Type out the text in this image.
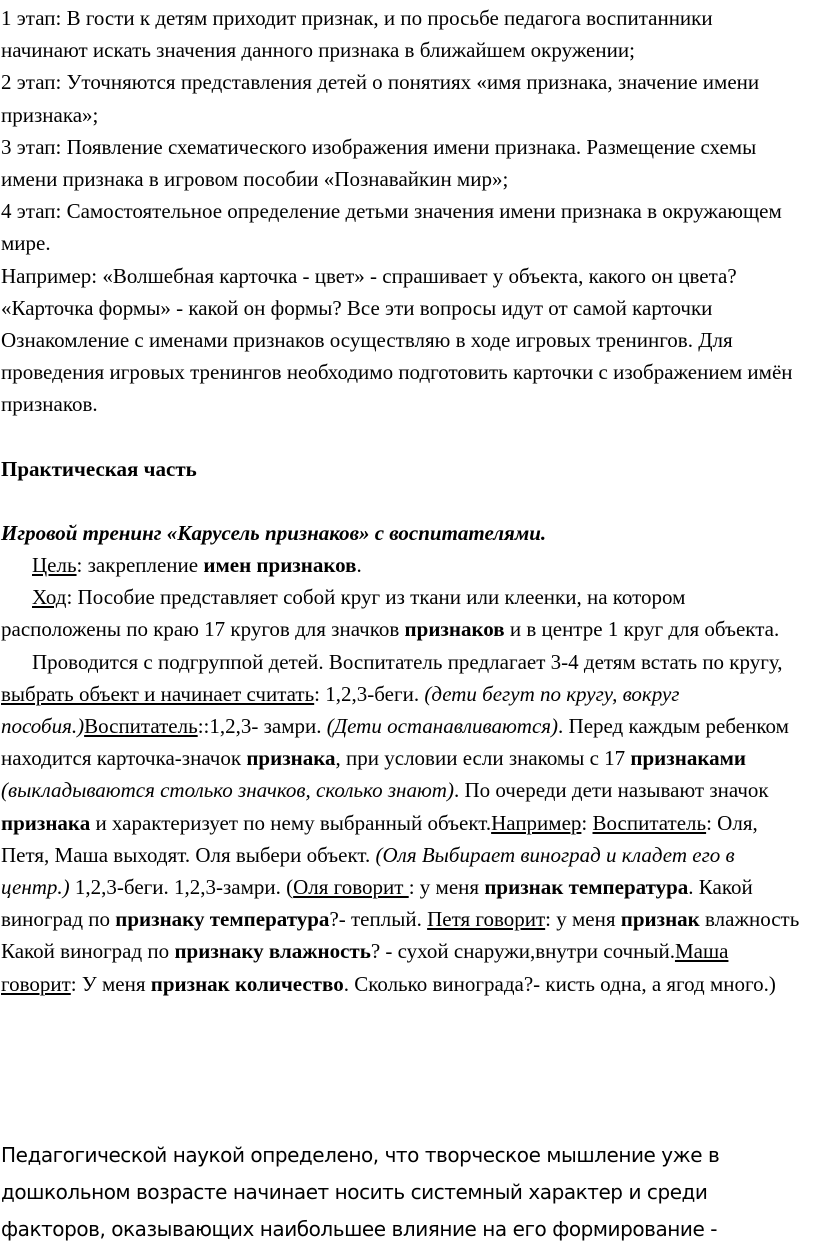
1 этап: В гости к детям приходит признак, и по просьбе педагога воспитанники начинают искать значения данного признака в ближайшем окружении;

2 этап: Уточняются представления детей о понятиях «имя признака, значение имени признака»;

3 этап: Появление схематического изображения имени признака. Размещение схемы имени признака в игровом пособии «Познавайкин мир»;

4 этап: Самостоятельное определение детьми значения имени признака в окружающем мире.

Например: «Волшебная карточка - цвет» - спрашивает у объекта, какого он цвета? «Карточка формы» - какой он формы? Все эти вопросы идут от самой карточки

Ознакомление с именами признаков осуществляю в ходе игровых тренингов. Для проведения игровых тренингов необходимо подготовить карточки с изображением имён признаков.

Практическая часть

Игровой тренинг «Карусель признаков» с воспитателями.

Цель: закрепление имен признаков.

Ход: Пособие представляет собой круг из ткани или клеенки, на котором расположены по краю 17 кругов для значков признаков и в центре 1 круг для объекта.

Проводится с подгруппой детей. Воспитатель предлагает 3-4 детям встать по кругу, выбрать объект и начинает считать: 1,2,3-беги. (дети бегут по кругу, вокруг пособия.)Воспитатель::1,2,3- замри. (Дети останавливаются). Перед каждым ребенком находится карточка-значок признака, при условии если знакомы с 17 признаками (выкладываются столько значков, сколько знают). По очереди дети называют значок признака и характеризует по нему выбранный объект.Например: Воспитатель: Оля, Петя, Маша выходят. Оля выбери объект. (Оля Выбирает виноград и кладет его в центр.) 1,2,3-беги. 1,2,3-замри. (Оля говорит : у меня признак температура. Какой виноград по признаку температура?- теплый. Петя говорит: у меня признак влажность Какой виноград по признаку влажность? - сухой снаружи,внутри сочный.Маша говорит: У меня признак количество. Сколько винограда?- кисть одна, а ягод много.)

Педагогической наукой определено, что творческое мышление уже в дошкольном возрасте начинает носить системный характер и среди факторов, оказывающих наибольшее влияние на его формирование -
